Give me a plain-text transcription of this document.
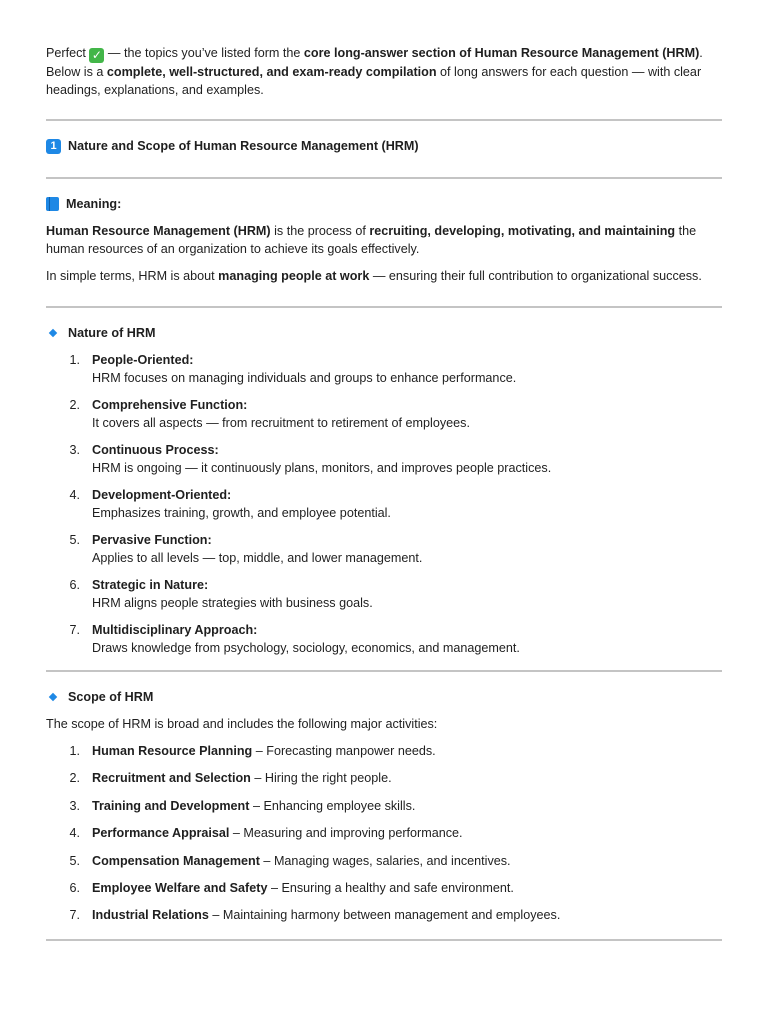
Perfect ✓ — the topics you’ve listed form the core long-answer section of Human Resource Management (HRM). Below is a complete, well-structured, and exam-ready compilation of long answers for each question — with clear headings, explanations, and examples.

1 Nature and Scope of Human Resource Management (HRM)
Meaning:

Human Resource Management (HRM) is the process of recruiting, developing, motivating, and maintaining the human resources of an organization to achieve its goals effectively.

In simple terms, HRM is about managing people at work — ensuring their full contribution to organizational success.

Nature of HRM
1. People-Oriented:
HRM focuses on managing individuals and groups to enhance performance.
2. Comprehensive Function:
It covers all aspects — from recruitment to retirement of employees.
3. Continuous Process:
HRM is ongoing — it continuously plans, monitors, and improves people practices.
4. Development-Oriented:
Emphasizes training, growth, and employee potential.
5. Pervasive Function:
Applies to all levels — top, middle, and lower management.
6. Strategic in Nature:
HRM aligns people strategies with business goals.
7. Multidisciplinary Approach:
Draws knowledge from psychology, sociology, economics, and management.
Scope of HRM

The scope of HRM is broad and includes the following major activities:

1. Human Resource Planning – Forecasting manpower needs.
2. Recruitment and Selection – Hiring the right people.
3. Training and Development – Enhancing employee skills.
4. Performance Appraisal – Measuring and improving performance.
5. Compensation Management – Managing wages, salaries, and incentives.
6. Employee Welfare and Safety – Ensuring a healthy and safe environment.
7. Industrial Relations – Maintaining harmony between management and employees.
